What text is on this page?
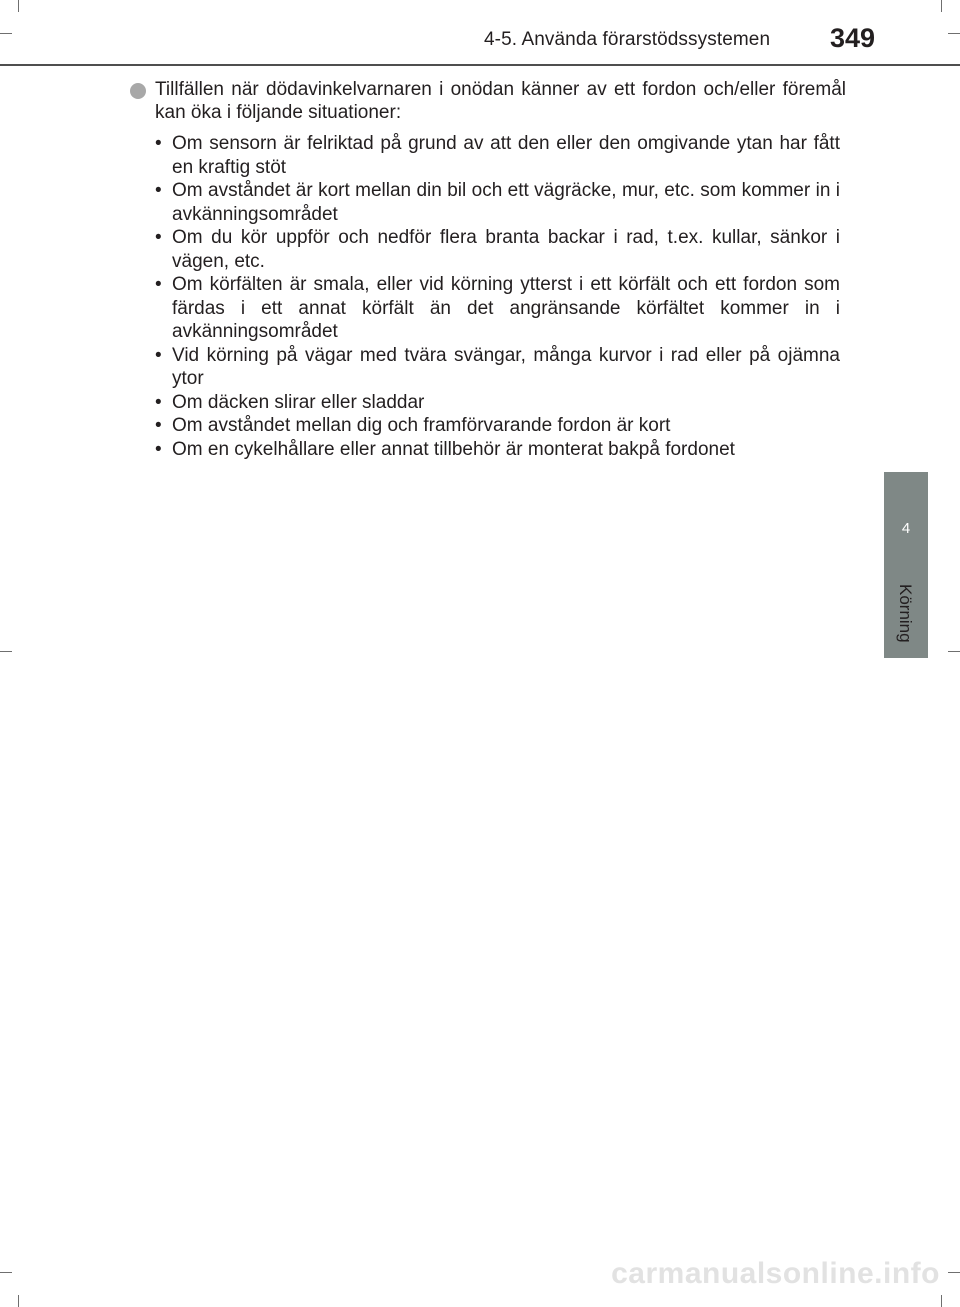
4-5. Använda förarstödssystemen 349
4
Körning
Tillfällen när dödavinkelvarnaren i onödan känner av ett fordon och/eller föremål kan öka i följande situationer:
• Om sensorn är felriktad på grund av att den eller den omgivande ytan har fått en kraftig stöt
• Om avståndet är kort mellan din bil och ett vägräcke, mur, etc. som kommer in i avkänningsområdet
• Om du kör uppför och nedför flera branta backar i rad, t.ex. kullar, sänkor i vägen, etc.
• Om körfälten är smala, eller vid körning ytterst i ett körfält och ett fordon som färdas i ett annat körfält än det angränsande körfältet kommer in i avkänningsområdet
• Vid körning på vägar med tvära svängar, många kurvor i rad eller på ojämna ytor
• Om däcken slirar eller sladdar
• Om avståndet mellan dig och framförvarande fordon är kort
• Om en cykelhållare eller annat tillbehör är monterat bakpå fordonet
carmanualsonline.info
